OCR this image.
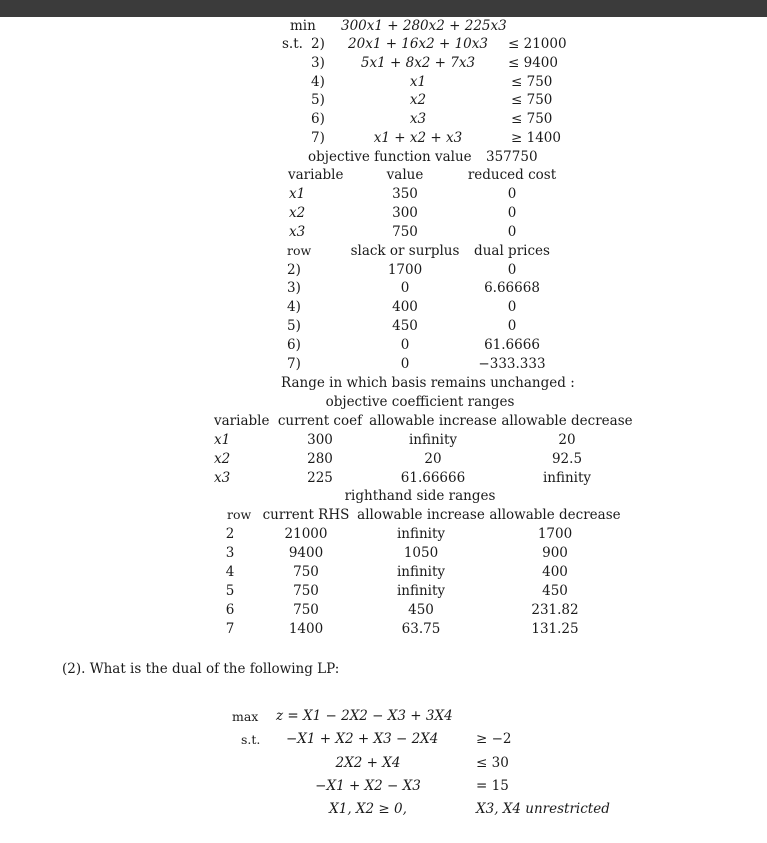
min 300x1 + 280x2 + 225x3
s.t. 2) 20x1 + 16x2 + 10x3 ≤ 21000
3)	5x1 + 8x2 + 7x3 ≤ 9400
4)	x1	≤ 750
5)	x2	≤ 750
6)	x3	≤ 750
7)	x1 + x2 + x3	≥ 1400
objective function value 357750
variable	value	reduced cost
x1	350	0
x2	300	0
x3	750	0
row	slack or surplus dual prices
2)	1700	0
3)	0	6.66668
4)	400	0
5)	450	0
6)	0	61.6666
7)	0	−333.333
Range in which basis remains unchanged :
objective coefficient ranges
variable current coef allowable increase allowable decrease
x1	300	infinity	20
x2	280	20	92.5
x3	225	61.66666	infinity
righthand side ranges
row current RHS allowable increase allowable decrease
2	21000	infinity	1700
3	9400	1050	900
4	750	infinity	400
5	750	infinity	450
6	750	450	231.82
7	1400	63.75	131.25
(2). What is the dual of the following LP:
max z = X1 − 2X2 − X3 + 3X4
s.t. −X1 + X2 + X3 − 2X4	≥ −2
2X2 + X4	≤ 30
−X1 + X2 − X3	= 15
X1, X2 ≥ 0,	X3, X4 unrestricted
